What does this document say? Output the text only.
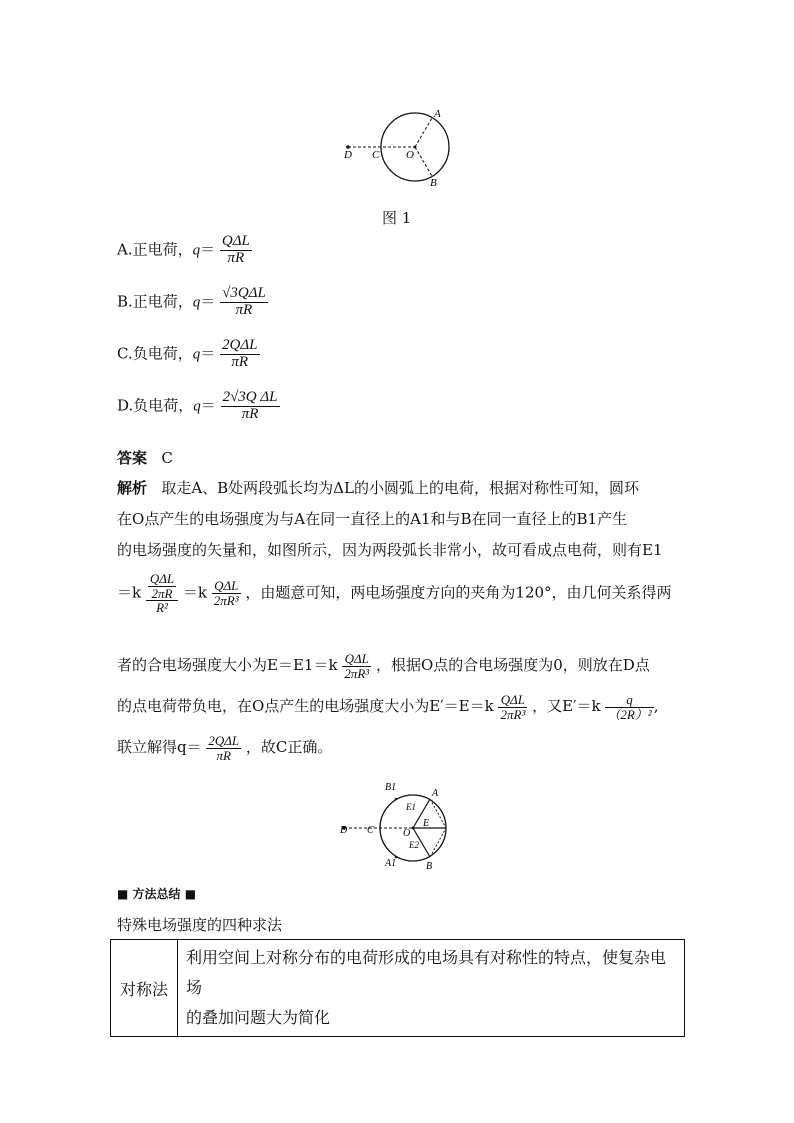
A
B
C
D	O
图 1
A.正电荷，$q= \frac{\text{QΔL}}{\pi R}$
B.正电荷，$q= \frac{\text{√3QΔL}}{\pi R}$
C.负电荷，$q= \frac{\text{2QΔL}}{\pi R}$
D.负电荷，$q= \frac{\text{2√3Q ΔL}}{\pi R}$
答案 C
解析 取走A、B处两段弧长均为ΔL的小圆弧上的电荷，根据对称性可知，圆环
在O点产生的电场强度为与A在同一直径上的A1和与B在同一直径上的B1产生
的电场强度的矢量和，如图所示，因为两段弧长非常小，故可看成点电荷，则有E1
$=k \frac{\frac{\text{QΔL}}{2\pi R}}{\text{R²}} =k \frac{\text{QΔL}}{\text{2πR³}}$ ，由题意可知，两电场强度方向的夹角为120°，由几何关系得两
者的合电场强度大小为$E=E1=k \frac{\text{QΔL}}{\text{2πR³}}$ ，根据O点的合电场强度为0，则放在D点
的点电荷带负电，在O点产生的电场强度大小为$E'=E=k \frac{\text{QΔL}}{\text{2πR³}}$ ，又$E'=k \frac{q}{\text{（2R）²}}$ ,
联立解得$q= \frac{\text{2QΔL}}{\pi R}$ ，故C正确。
A
B
B1
A1
C
D	O
E
E1
E2
■ 方法总结 ■
特殊电场强度的四种求法
对称法	
利用空间上对称分布的电荷形成的电场具有对称性的特点，使复杂电场
的叠加问题大为简化
